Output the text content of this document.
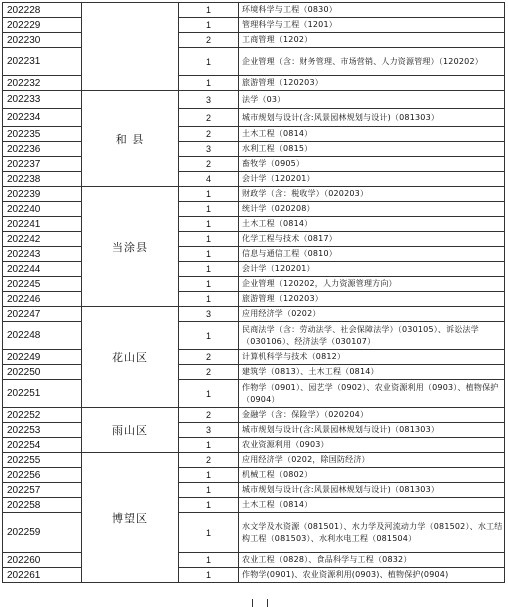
202228		1	环境科学与工程（0830）
202229		1	管理科学与工程（1201）
202230		2	工商管理（1202）
202231		1	企业管理（含：财务管理、市场营销、人力资源管理）（120202）
202232		1	旅游管理（120203）
202233	和 县	3	法学（03）
202234		2	城市规划与设计(含:风景园林规划与设计)（081303）
202235		2	土木工程（0814）
202236		3	水利工程（0815）
202237		2	畜牧学（0905）
202238		4	会计学（120201）
202239	当涂县	1	财政学（含：税收学）（020203）
202240		1	统计学（020208）
202241		1	土木工程（0814）
202242		1	化学工程与技术（0817）
202243		1	信息与通信工程（0810）
202244		1	会计学（120201）
202245		1	企业管理（120202，人力资源管理方向）
202246		1	旅游管理（120203）
202247	花山区	3	应用经济学（0202）
202248		1	民商法学（含：劳动法学、社会保障法学）（030105）、诉讼法学（030106）、经济法学（030107）
202249		2	计算机科学与技术（0812）
202250		2	建筑学（0813）、土木工程（0814）
202251		1	作物学（0901）、园艺学（0902）、农业资源利用（0903）、植物保护（0904）
202252	雨山区	2	金融学（含：保险学）（020204）
202253		3	城市规划与设计(含:风景园林规划与设计)（081303）
202254		1	农业资源利用（0903）
202255	博望区	2	应用经济学（0202，除国防经济）
202256		1	机械工程（0802）
202257		1	城市规划与设计(含:风景园林规划与设计)（081303）
202258		1	土木工程（0814）
202259		1	水文学及水资源（081501）、水力学及河流动力学（081502）、水工结构工程（081503）、水利水电工程（081504）
202260		1	农业工程（0828）、食品科学与工程（0832）
202261		1	作物学(0901)、农业资源利用(0903)、植物保护(0904)
